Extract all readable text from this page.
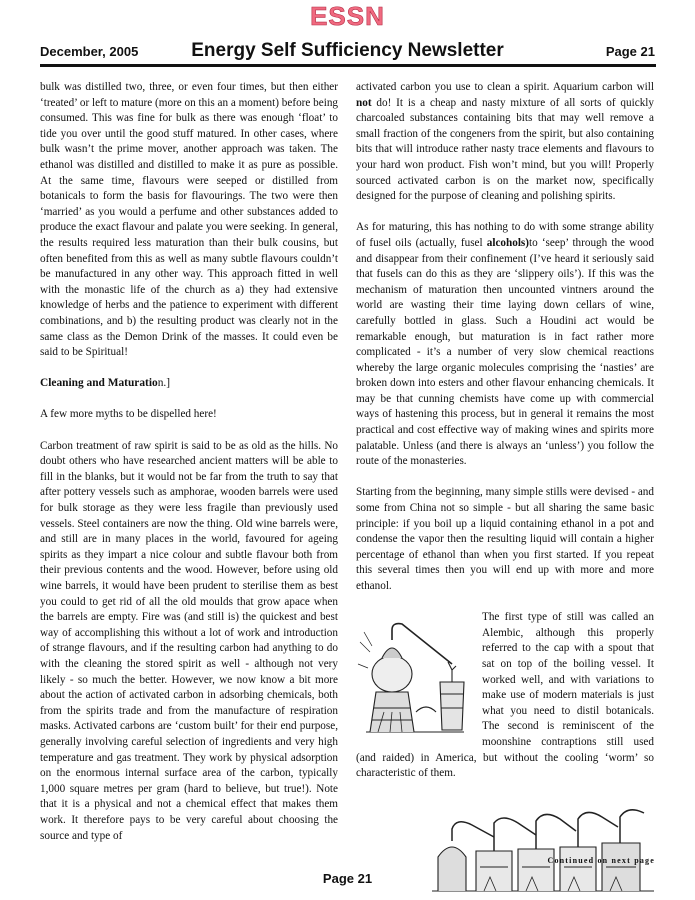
ESSN
December, 2005	Energy Self Sufficiency Newsletter	Page 21

bulk was distilled two, three, or even four times, but then either ‘treated’ or left to mature (more on this an a moment) before being consumed. This was fine for bulk as there was enough ‘float’ to tide you over until the good stuff matured. In other cases, where bulk wasn’t the prime mover, another approach was taken. The ethanol was distilled and distilled to make it as pure as possible. At the same time, flavours were seeped or distilled from botanicals to form the basis for flavourings. The two were then ‘married’ as you would a perfume and other substances added to produce the exact flavour and palate you were seeking. In general, the results required less maturation than their bulk cousins, but often benefited from this as well as many subtle flavours couldn’t be manufactured in any other way. This approach fitted in well with the monastic life of the church as a) they had extensive knowledge of herbs and the patience to experiment with different combinations, and b) the resulting product was clearly not in the same class as the Demon Drink of the masses. It could even be said to be Spiritual!

Cleaning and Maturation.]

A few more myths to be dispelled here!

Carbon treatment of raw spirit is said to be as old as the hills. No doubt others who have researched ancient matters will be able to fill in the blanks, but it would not be far from the truth to say that after pottery vessels such as amphorae, wooden barrels were used for bulk storage as they were less fragile than previously used vessels. Steel containers are now the thing. Old wine barrels were, and still are in many places in the world, favoured for ageing spirits as they impart a nice colour and subtle flavour both from their previous contents and the wood. However, before using old wine barrels, it would have been prudent to sterilise them as best you could to get rid of all the old moulds that grow apace when the barrels are empty. Fire was (and still is) the quickest and best way of accomplishing this without a lot of work and introduction of strange flavours, and if the resulting carbon had anything to do with the cleaning the stored spirit as well - although not very likely - so much the better. However, we now know a bit more about the action of activated carbon in adsorbing chemicals, both from the spirits trade and from the manufacture of respiration masks. Activated carbons are ‘custom built’ for their end purpose, generally involving careful selection of ingredients and very high temperature and gas treatment. They work by physical adsorption on the enormous internal surface area of the carbon, typically 1,000 square metres per gram (hard to believe, but true!). Note that it is a physical and not a chemical effect that makes them work. It therefore pays to be very careful about choosing the source and type of

activated carbon you use to clean a spirit. Aquarium carbon will not do! It is a cheap and nasty mixture of all sorts of quickly charcoaled substances containing bits that may well remove a small fraction of the congeners from the spirit, but also containing bits that will introduce rather nasty trace elements and flavours to your hard won product. Fish won’t mind, but you will! Properly sourced activated carbon is on the market now, specifically designed for the purpose of cleaning and polishing spirits.

As for maturing, this has nothing to do with some strange ability of fusel oils (actually, fusel alcohols)to ‘seep’ through the wood and disappear from their confinement (I’ve heard it seriously said that fusels can do this as they are ‘slippery oils’). If this was the mechanism of maturation then uncounted vintners around the world are wasting their time laying down cellars of wine, carefully bottled in glass. Such a Houdini act would be remarkable enough, but maturation is in fact rather more complicated - it’s a number of very slow chemical reactions whereby the large organic molecules comprising the ‘nasties’ are broken down into esters and other flavour enhancing chemicals. It may be that cunning chemists have come up with commercial ways of hastening this process, but in general it remains the most practical and cost effective way of making wines and spirits more palatable. Unless (and there is always an ‘unless’) you follow the route of the monasteries.

Starting from the beginning, many simple stills were devised - and some from China not so simple - but all sharing the same basic principle: if you boil up a liquid containing ethanol in a pot and condense the vapor then the resulting liquid will contain a higher percentage of ethanol than when you first started. If you repeat this several times then you will end up with more and more ethanol.

The first type of still was called an Alembic, although this properly referred to the cap with a spout that sat on top of the boiling vessel. It worked well, and with variations to make use of modern materials is just what you need to distil botanicals. The second is reminiscent of the moonshine contraptions still used (and raided) in America, but without the cooling ‘worm’ so characteristic of them.

Continued on next page
Page 21
